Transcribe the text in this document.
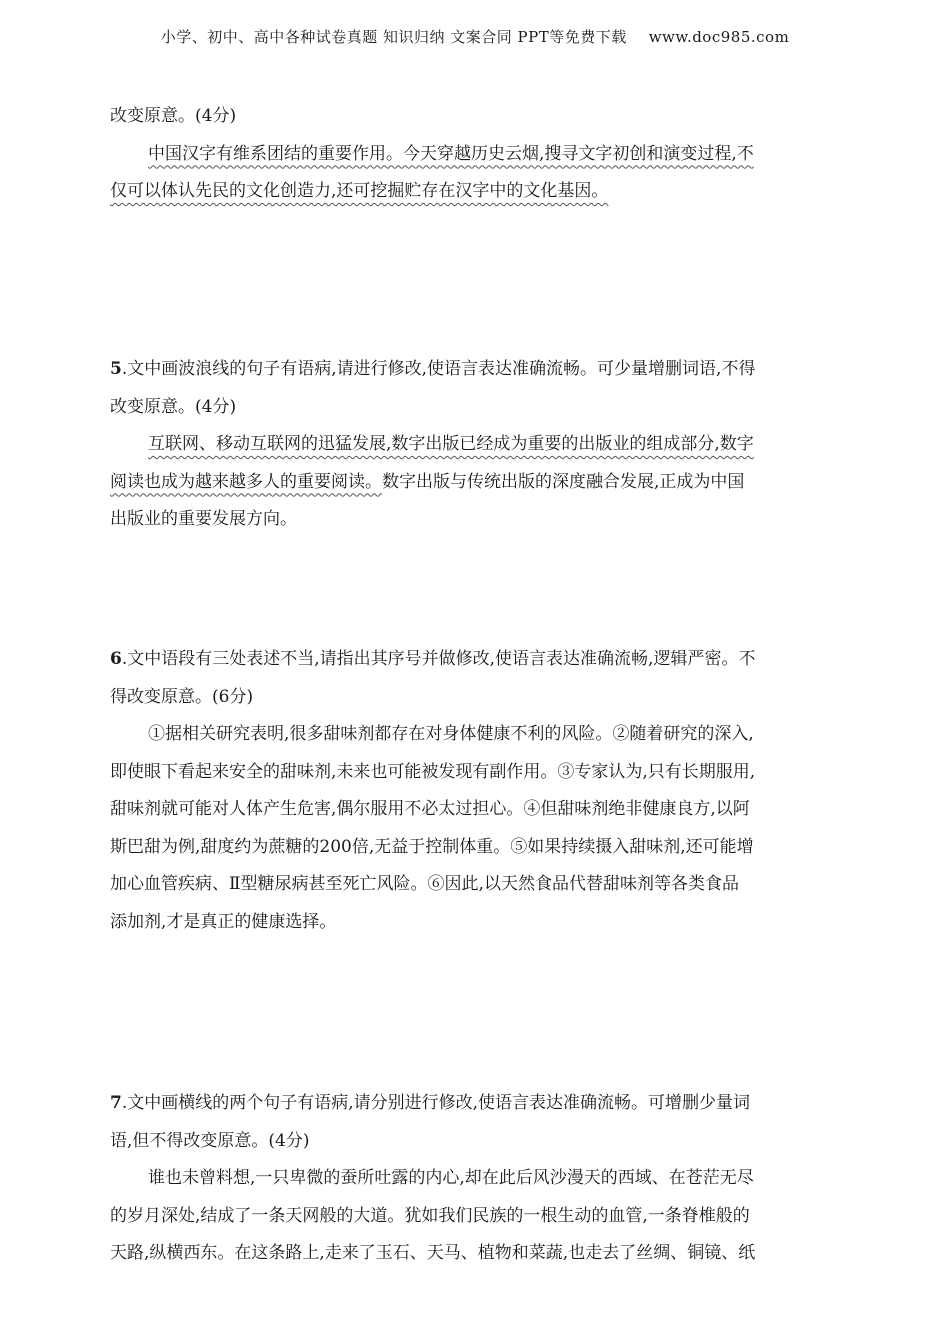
小学、初中、高中各种试卷真题 知识归纳 文案合同 PPT等免费下载 www.doc985.com
改变原意。(4分)
中国汉字有维系团结的重要作用。今天穿越历史云烟,搜寻文字初创和演变过程,不
仅可以体认先民的文化创造力,还可挖掘贮存在汉字中的文化基因。
5.文中画波浪线的句子有语病,请进行修改,使语言表达准确流畅。可少量增删词语,不得
改变原意。(4分)
互联网、移动互联网的迅猛发展,数字出版已经成为重要的出版业的组成部分,数字
阅读也成为越来越多人的重要阅读。数字出版与传统出版的深度融合发展,正成为中国
出版业的重要发展方向。
6.文中语段有三处表述不当,请指出其序号并做修改,使语言表达准确流畅,逻辑严密。不
得改变原意。(6分)
①据相关研究表明,很多甜味剂都存在对身体健康不利的风险。②随着研究的深入,
即使眼下看起来安全的甜味剂,未来也可能被发现有副作用。③专家认为,只有长期服用,
甜味剂就可能对人体产生危害,偶尔服用不必太过担心。④但甜味剂绝非健康良方,以阿
斯巴甜为例,甜度约为蔗糖的200倍,无益于控制体重。⑤如果持续摄入甜味剂,还可能增
加心血管疾病、Ⅱ型糖尿病甚至死亡风险。⑥因此,以天然食品代替甜味剂等各类食品
添加剂,才是真正的健康选择。
7.文中画横线的两个句子有语病,请分别进行修改,使语言表达准确流畅。可增删少量词
语,但不得改变原意。(4分)
谁也未曾料想,一只卑微的蚕所吐露的内心,却在此后风沙漫天的西域、在苍茫无尽
的岁月深处,结成了一条天网般的大道。犹如我们民族的一根生动的血管,一条脊椎般的
天路,纵横西东。在这条路上,走来了玉石、天马、植物和菜蔬,也走去了丝绸、铜镜、纸
